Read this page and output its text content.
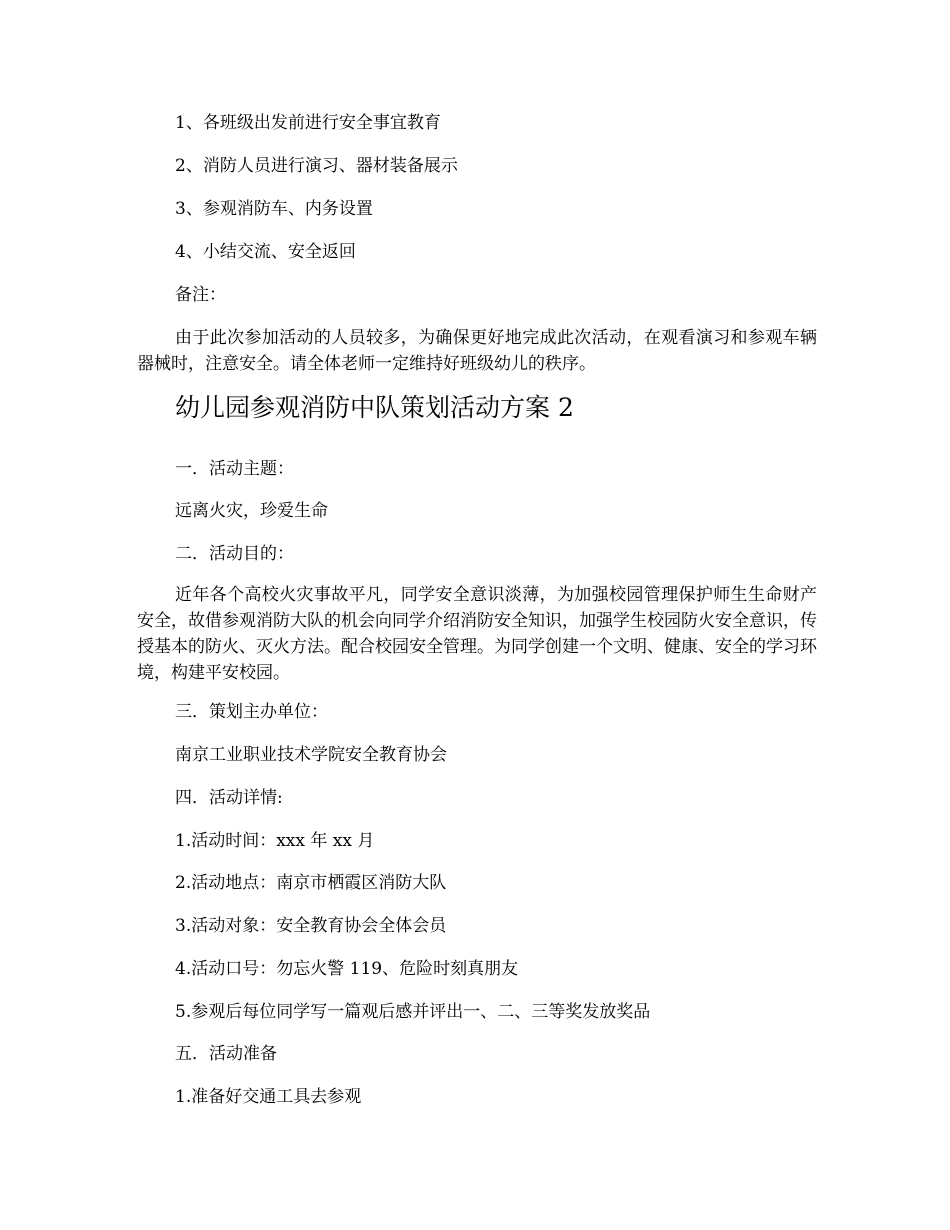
1、各班级出发前进行安全事宜教育
2、消防人员进行演习、器材装备展示
3、参观消防车、内务设置
4、小结交流、安全返回
备注：
由于此次参加活动的人员较多，为确保更好地完成此次活动，在观看演习和参观车辆器械时，注意安全。请全体老师一定维持好班级幼儿的秩序。
幼儿园参观消防中队策划活动方案 2
一．活动主题：
远离火灾，珍爱生命
二．活动目的：
近年各个高校火灾事故平凡，同学安全意识淡薄，为加强校园管理保护师生生命财产安全，故借参观消防大队的机会向同学介绍消防安全知识，加强学生校园防火安全意识，传授基本的防火、灭火方法。配合校园安全管理。为同学创建一个文明、健康、安全的学习环境，构建平安校园。
三．策划主办单位：
南京工业职业技术学院安全教育协会
四．活动详情:
1.活动时间：xxx 年 xx 月
2.活动地点：南京市栖霞区消防大队
3.活动对象：安全教育协会全体会员
4.活动口号：勿忘火警 119、危险时刻真朋友
5.参观后每位同学写一篇观后感并评出一、二、三等奖发放奖品
五．活动准备
1.准备好交通工具去参观
